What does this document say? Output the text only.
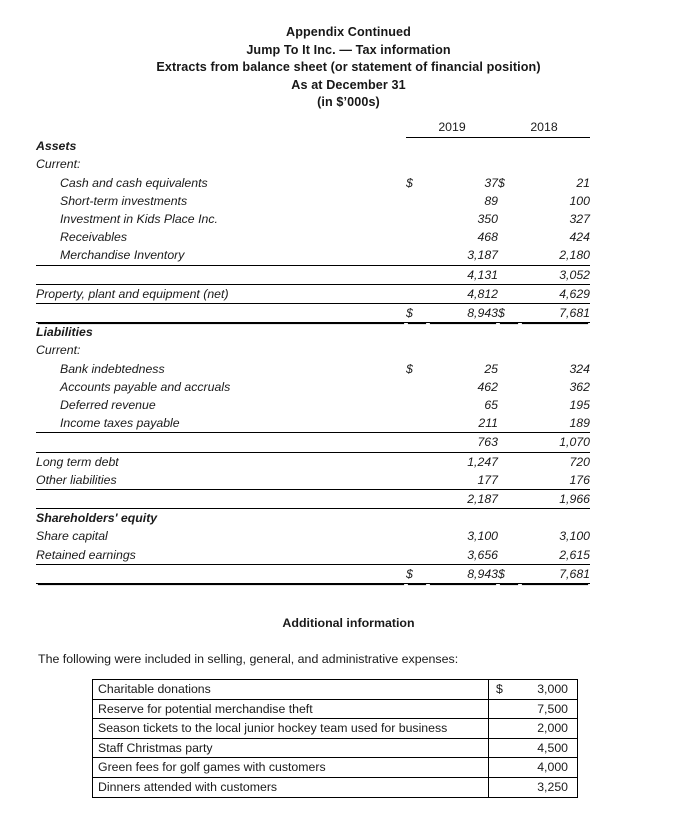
Appendix Continued
Jump To It Inc. — Tax information
Extracts from balance sheet (or statement of financial position)
As at December 31
(in $’000s)
	2019		2018	
Assets				
Current:				
Cash and cash equivalents	$	37	$	21
Short-term investments		89		100
Investment in Kids Place Inc.		350		327
Receivables		468		424
Merchandise Inventory		3,187		2,180
		4,131		3,052
Property, plant and equipment (net)		4,812		4,629
	$	8,943	$	7,681

Liabilities				
Current:				
Bank indebtedness	$	25		324
Accounts payable and accruals		462		362
Deferred revenue		65		195
Income taxes payable		211		189
		763		1,070
Long term debt		1,247		720
Other liabilities		177		176
		2,187		1,966

Shareholders' equity				
Share capital		3,100		3,100
Retained earnings		3,656		2,615
	$	8,943	$	7,681
Additional information
The following were included in selling, general, and administrative expenses:
Charitable donations	$ 3,000

Reserve for potential merchandise theft	7,500

Season tickets to the local junior hockey team used for business	2,000

Staff Christmas party	4,500

Green fees for golf games with customers	4,000

Dinners attended with customers	3,250
